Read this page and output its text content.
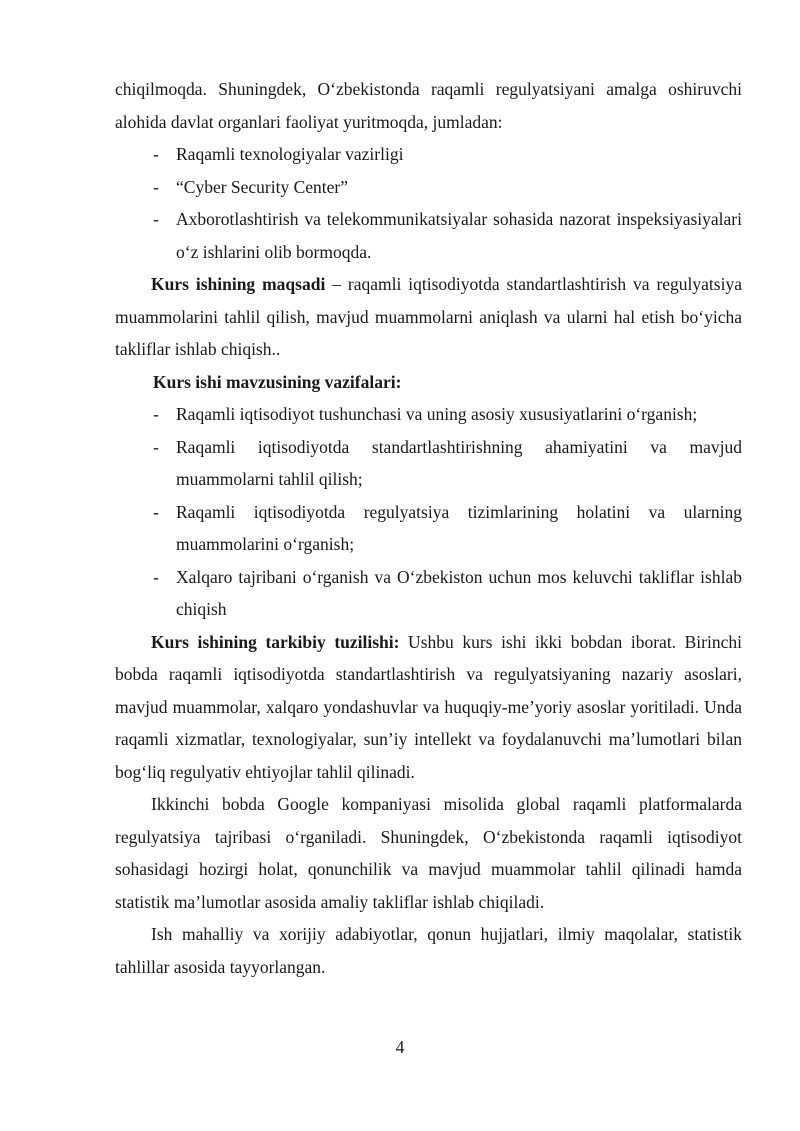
chiqilmoqda. Shuningdek, O‘zbekistonda raqamli regulyatsiyani amalga oshiruvchi alohida davlat organlari faoliyat yuritmoqda, jumladan:

- Raqamli texnologiyalar vazirligi
- “Cyber Security Center”
- Axborotlashtirish va telekommunikatsiyalar sohasida nazorat inspeksiyasiyalari o‘z ishlarini olib bormoqda.

Kurs ishining maqsadi – raqamli iqtisodiyotda standartlashtirish va regulyatsiya muammolarini tahlil qilish, mavjud muammolarni aniqlash va ularni hal etish bo‘yicha takliflar ishlab chiqish..

Kurs ishi mavzusining vazifalari:

- Raqamli iqtisodiyot tushunchasi va uning asosiy xususiyatlarini o‘rganish;
- Raqamli iqtisodiyotda standartlashtirishning ahamiyatini va mavjud muammolarni tahlil qilish;
- Raqamli iqtisodiyotda regulyatsiya tizimlarining holatini va ularning muammolarini o‘rganish;
- Xalqaro tajribani o‘rganish va O‘zbekiston uchun mos keluvchi takliflar ishlab chiqish

Kurs ishining tarkibiy tuzilishi: Ushbu kurs ishi ikki bobdan iborat. Birinchi bobda raqamli iqtisodiyotda standartlashtirish va regulyatsiyaning nazariy asoslari, mavjud muammolar, xalqaro yondashuvlar va huquqiy-me’yoriy asoslar yoritiladi. Unda raqamli xizmatlar, texnologiyalar, sun’iy intellekt va foydalanuvchi ma’lumotlari bilan bog‘liq regulyativ ehtiyojlar tahlil qilinadi.

Ikkinchi bobda Google kompaniyasi misolida global raqamli platformalarda regulyatsiya tajribasi o‘rganiladi. Shuningdek, O‘zbekistonda raqamli iqtisodiyot sohasidagi hozirgi holat, qonunchilik va mavjud muammolar tahlil qilinadi hamda statistik ma’lumotlar asosida amaliy takliflar ishlab chiqiladi.

Ish mahalliy va xorijiy adabiyotlar, qonun hujjatlari, ilmiy maqolalar, statistik tahlillar asosida tayyorlangan.

4
